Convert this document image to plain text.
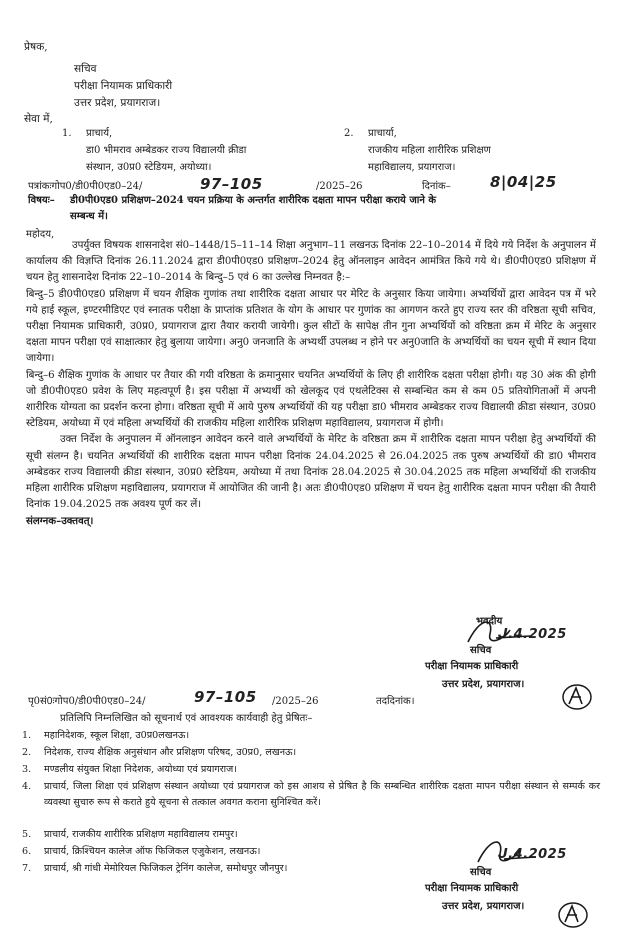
प्रेषक,
सचिव
परीक्षा नियामक प्राधिकारी
उत्तर प्रदेश, प्रयागराज।
सेवा में,
1. प्राचार्य,
डा0 भीमराव अम्बेडकर राज्य विद्यालयी क्रीडा
संस्थान, उ0प्र0 स्टेडियम, अयोध्या।
2. प्राचार्या,
राजकीय महिला शारीरिक प्रशिक्षण
महाविद्यालय, प्रयागराज।
पत्रांकःगोप0/डी0पी0एड0–24/	97–105	/2025–26	दिनांक–	8|04|25
विषयः– डी0पी0एड0 प्रशिक्षण–2024 चयन प्रक्रिया के अन्तर्गत शारीरिक दक्षता मापन परीक्षा कराये जाने के
सम्बन्ध में।
महोदय,

उपर्युक्त विषयक शासनादेश सं0–1448/15–11–14 शिक्षा अनुभाग–11 लखनऊ दिनांक 22–10–2014 में दिये गये निर्देश के अनुपालन में कार्यालय की विज्ञप्ति दिनांक 26.11.2024 द्वारा डी0पी0एड0 प्रशिक्षण–2024 हेतु ऑनलाइन आवेदन आमंत्रित किये गये थे। डी0पी0एड0 प्रशिक्षण में चयन हेतु शासनादेश दिनांक 22–10–2014 के बिन्दु–5 एवं 6 का उल्लेख निम्नवत है:–

बिन्दु–5 डी0पी0एड0 प्रशिक्षण में चयन शैक्षिक गुणांक तथा शारीरिक दक्षता आधार पर मेरिट के अनुसार किया जायेगा। अभ्यर्थियों द्वारा आवेदन पत्र में भरे गये हाई स्कूल, इण्टरमीडिएट एवं स्नातक परीक्षा के प्राप्तांक प्रतिशत के योग के आधार पर गुणांक का आगणन करते हुए राज्य स्तर की वरिष्ठता सूची सचिव, परीक्षा नियामक प्राधिकारी, उ0प्र0, प्रयागराज द्वारा तैयार करायी जायेगी। कुल सीटों के सापेक्ष तीन गुना अभ्यर्थियों को वरिष्ठता क्रम में मेरिट के अनुसार दक्षता मापन परीक्षा एवं साक्षात्कार हेतु बुलाया जायेगा। अनु0 जनजाति के अभ्यर्थी उपलब्ध न होने पर अनु0जाति के अभ्यर्थियों का चयन सूची में स्थान दिया जायेगा।

बिन्दु–6 शैक्षिक गुणांक के आधार पर तैयार की गयी वरिष्ठता के क्रमानुसार चयनित अभ्यर्थियों के लिए ही शारीरिक दक्षता परीक्षा होगी। यह 30 अंक की होगी जो डी0पी0एड0 प्रवेश के लिए महत्वपूर्ण है। इस परीक्षा में अभ्यर्थी को खेलकूद एवं एथलेटिक्स से सम्बन्धित कम से कम 05 प्रतियोगिताओं में अपनी शारीरिक योग्यता का प्रदर्शन करना होगा। वरिष्ठता सूची में आये पुरुष अभ्यर्थियों की यह परीक्षा डा0 भीमराव अम्बेडकर राज्य विद्यालयी क्रीडा संस्थान, उ0प्र0 स्टेडियम, अयोध्या में एवं महिला अभ्यर्थियों की राजकीय महिला शारीरिक प्रशिक्षण महाविद्यालय, प्रयागराज में होगी।

उक्त निर्देश के अनुपालन में ऑनलाइन आवेदन करने वाले अभ्यर्थियों के मेरिट के वरिष्ठता क्रम में शारीरिक दक्षता मापन परीक्षा हेतु अभ्यर्थियों की सूची संलग्न है। चयनित अभ्यर्थियों की शारीरिक दक्षता मापन परीक्षा दिनांक 24.04.2025 से 26.04.2025 तक पुरुष अभ्यर्थियों की डा0 भीमराव अम्बेडकर राज्य विद्यालयी क्रीडा संस्थान, उ0प्र0 स्टेडियम, अयोध्या में तथा दिनांक 28.04.2025 से 30.04.2025 तक महिला अभ्यर्थियों की राजकीय महिला शारीरिक प्रशिक्षण महाविद्यालय, प्रयागराज में आयोजित की जानी है। अतः डी0पी0एड0 प्रशिक्षण में चयन हेतु शारीरिक दक्षता मापन परीक्षा की तैयारी दिनांक 19.04.2025 तक अवश्य पूर्ण कर लें।

संलग्नक–उक्तवत्।

भवदीय
ᒍ.4.2025
सचिव
परीक्षा नियामक प्राधिकारी
उत्तर प्रदेश, प्रयागराज।
पृ0सं0ःगोप0/डी0पी0एड0–24/	97–105 /2025–26	तददिनांक।
प्रतिलिपि निम्नलिखित को सूचनार्थ एवं आवश्यक कार्यवाही हेतु प्रेषितः–
1. महानिदेशक, स्कूल शिक्षा, उ0प्र0लखनऊ।
2. निदेशक, राज्य शैक्षिक अनुसंधान और प्रशिक्षण परिषद, उ0प्र0, लखनऊ।
3. मण्डलीय संयुक्त शिक्षा निदेशक, अयोध्या एवं प्रयागराज।
4. प्राचार्य, जिला शिक्षा एवं प्रशिक्षण संस्थान अयोध्या एवं प्रयागराज को इस आशय से प्रेषित है कि सम्बन्धित शारीरिक दक्षता मापन परीक्षा संस्थान से सम्पर्क कर व्यवस्था सुचारु रूप से कराते हुये सूचना से तत्काल अवगत कराना सुनिश्चित करें।
5. प्राचार्य, राजकीय शारीरिक प्रशिक्षण महाविद्यालय रामपुर।
6. प्राचार्य, क्रिश्चियन कालेज ऑफ फिजिकल एजुकेशन, लखनऊ।
7. प्राचार्य, श्री गांधी मेमोरियल फिजिकल ट्रेनिंग कालेज, समोधपुर जौनपुर।
ᒍ.4.2025
सचिव
परीक्षा नियामक प्राधिकारी
उत्तर प्रदेश, प्रयागराज।
